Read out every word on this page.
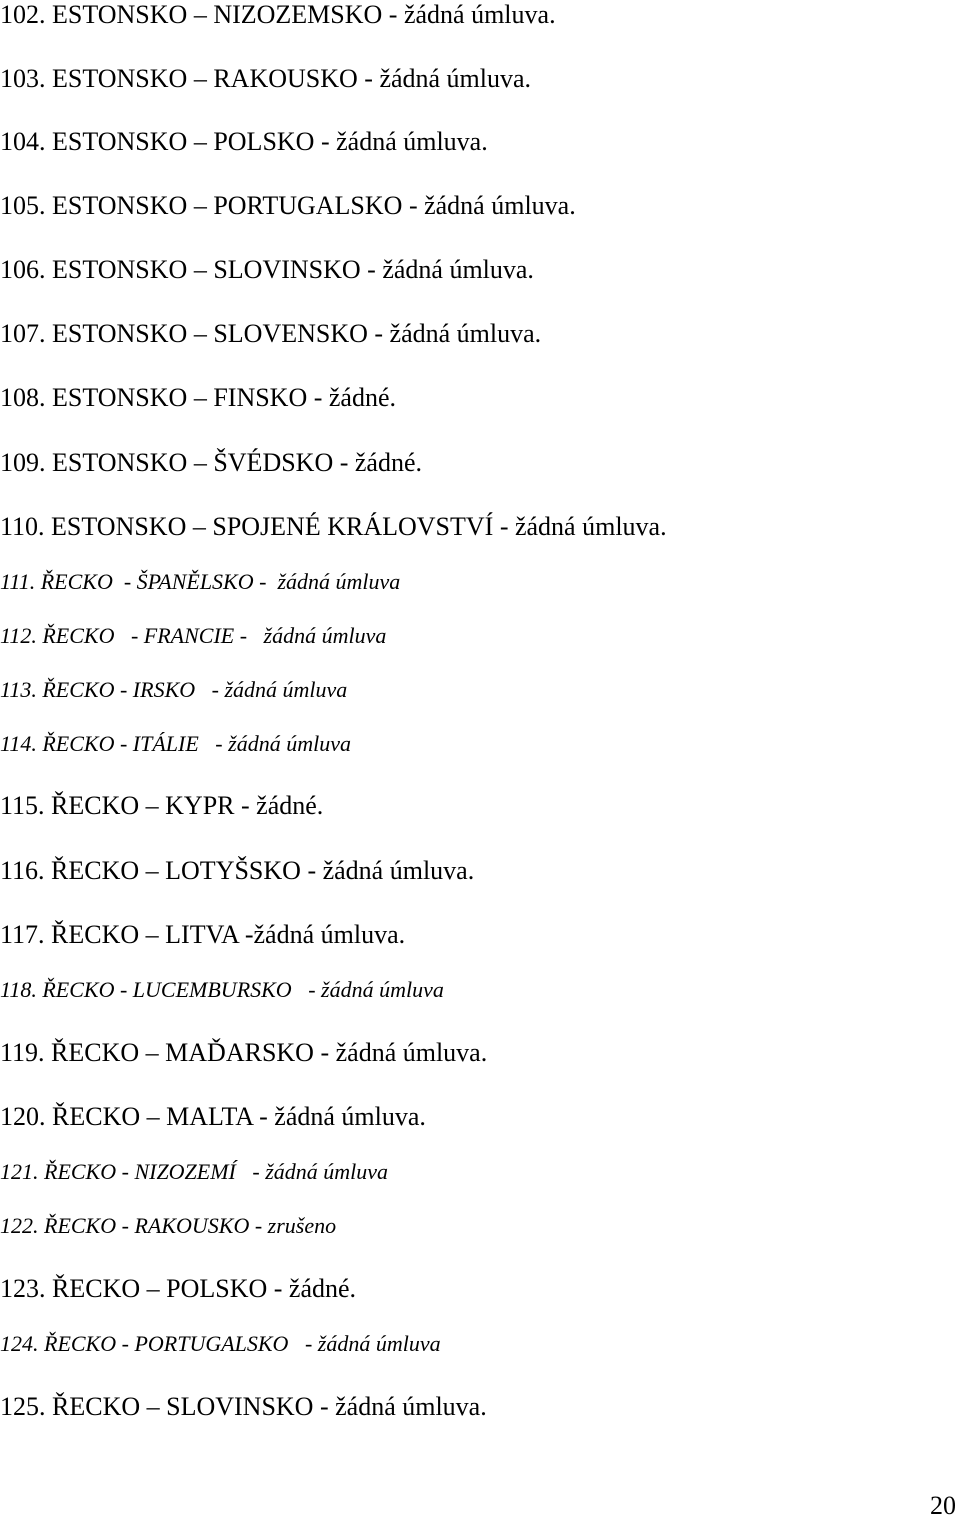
102. ESTONSKO – NIZOZEMSKO - žádná úmluva.

103. ESTONSKO – RAKOUSKO - žádná úmluva.

104. ESTONSKO – POLSKO - žádná úmluva.

105. ESTONSKO – PORTUGALSKO - žádná úmluva.

106. ESTONSKO – SLOVINSKO - žádná úmluva.

107. ESTONSKO – SLOVENSKO - žádná úmluva.

108. ESTONSKO – FINSKO - žádné.

109. ESTONSKO – ŠVÉDSKO - žádné.

110. ESTONSKO – SPOJENÉ KRÁLOVSTVÍ - žádná úmluva.

111. ŘECKO  - ŠPANĚLSKO -  žádná úmluva

112. ŘECKO   - FRANCIE -   žádná úmluva

113. ŘECKO - IRSKO   - žádná úmluva

114. ŘECKO - ITÁLIE   - žádná úmluva

115. ŘECKO – KYPR - žádné.

116. ŘECKO – LOTYŠSKO - žádná úmluva.

117. ŘECKO – LITVA -žádná úmluva.

118. ŘECKO - LUCEMBURSKO   - žádná úmluva

119. ŘECKO – MAĎARSKO - žádná úmluva.

120. ŘECKO – MALTA - žádná úmluva.

121. ŘECKO - NIZOZEMÍ   - žádná úmluva

122. ŘECKO - RAKOUSKO - zrušeno

123. ŘECKO – POLSKO - žádné.

124. ŘECKO - PORTUGALSKO   - žádná úmluva

125. ŘECKO – SLOVINSKO - žádná úmluva.

20
